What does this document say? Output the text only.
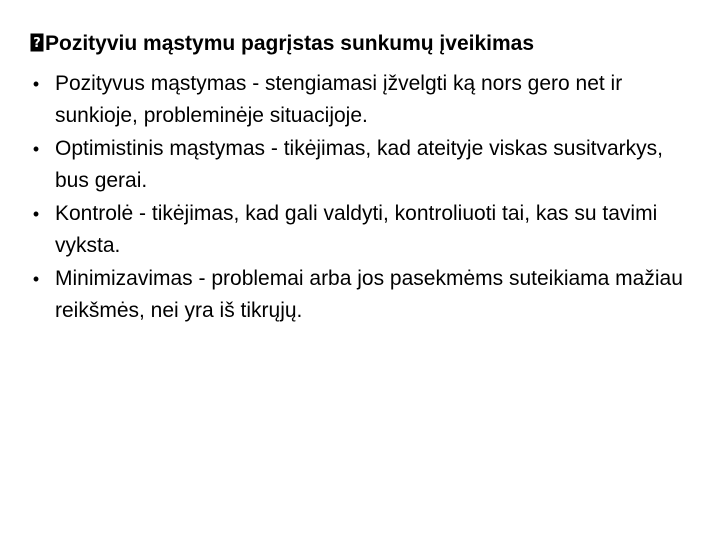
? Pozityviu mąstymu pagrįstas sunkumų įveikimas
• Pozityvus mąstymas - stengiamasi įžvelgti ką nors gero net ir sunkioje, probleminėje situacijoje.
• Optimistinis mąstymas - tikėjimas, kad ateityje viskas susitvarkys, bus gerai.
• Kontrolė - tikėjimas, kad gali valdyti, kontroliuoti tai, kas su tavimi vyksta.
• Minimizavimas - problemai arba jos pasekmėms suteikiama mažiau reikšmės, nei yra iš tikrųjų.
